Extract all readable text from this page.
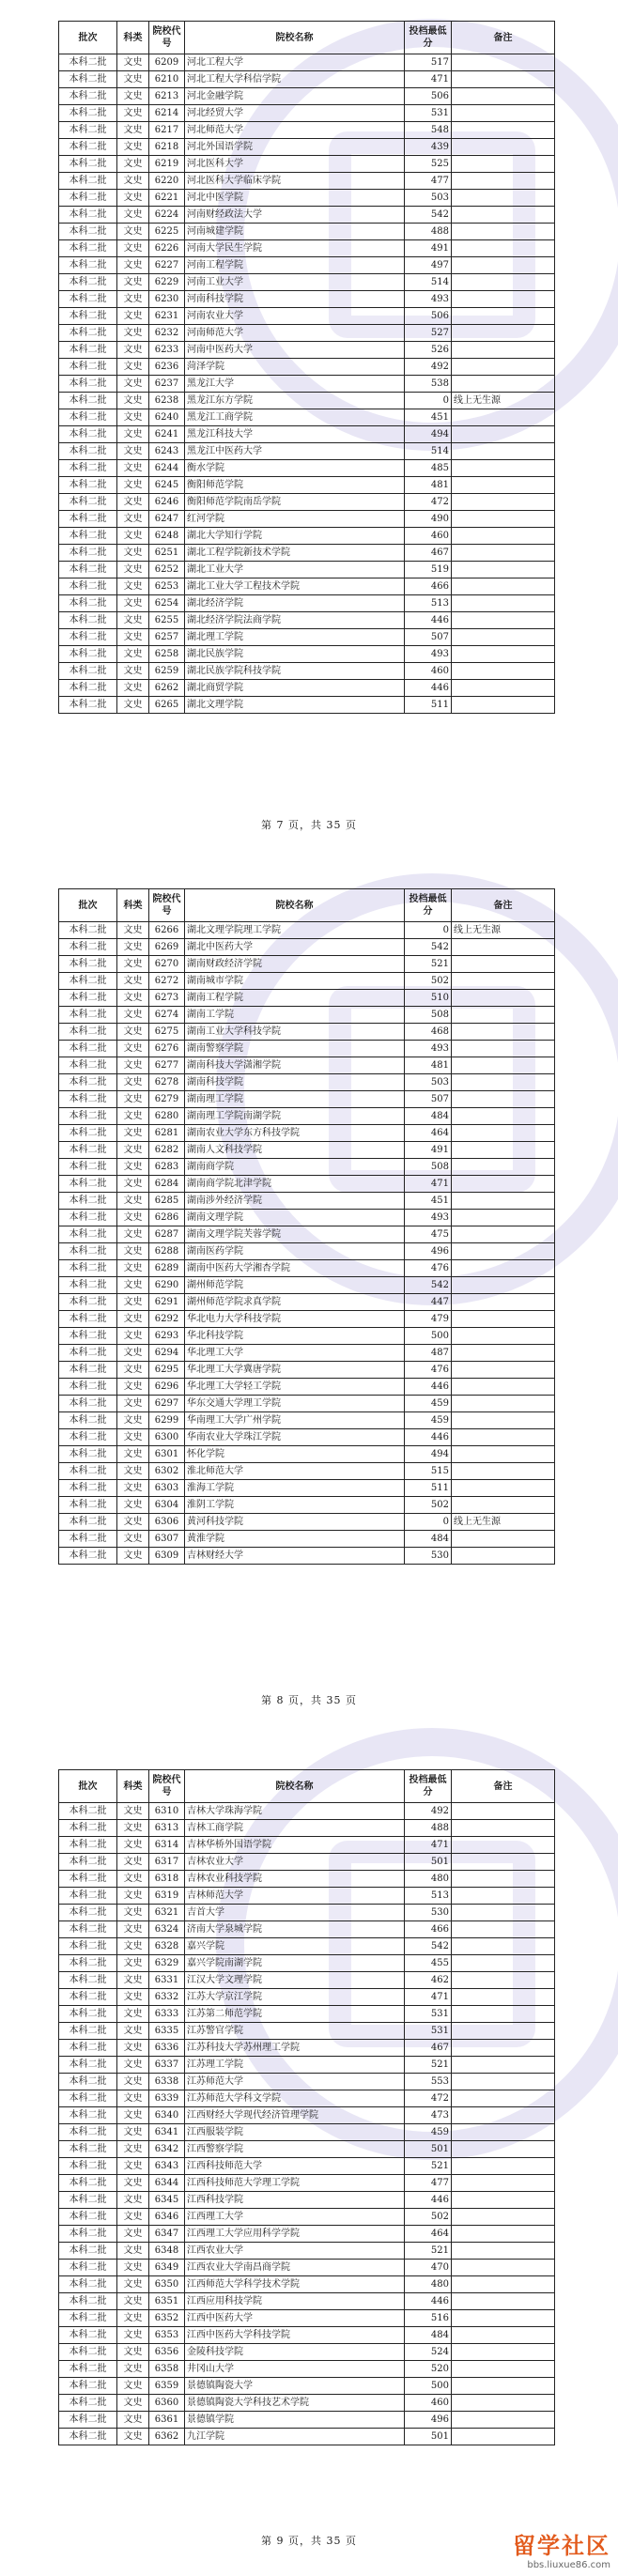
批次	科类	院校代号	院校名称	投档最低分	备注
本科二批	文史	6209	河北工程大学	517	
本科二批	文史	6210	河北工程大学科信学院	471	
本科二批	文史	6213	河北金融学院	506	
本科二批	文史	6214	河北经贸大学	531	
本科二批	文史	6217	河北师范大学	548	
本科二批	文史	6218	河北外国语学院	439	
本科二批	文史	6219	河北医科大学	525	
本科二批	文史	6220	河北医科大学临床学院	477	
本科二批	文史	6221	河北中医学院	503	
本科二批	文史	6224	河南财经政法大学	542	
本科二批	文史	6225	河南城建学院	488	
本科二批	文史	6226	河南大学民生学院	491	
本科二批	文史	6227	河南工程学院	497	
本科二批	文史	6229	河南工业大学	514	
本科二批	文史	6230	河南科技学院	493	
本科二批	文史	6231	河南农业大学	506	
本科二批	文史	6232	河南师范大学	527	
本科二批	文史	6233	河南中医药大学	526	
本科二批	文史	6236	菏泽学院	492	
本科二批	文史	6237	黑龙江大学	538	
本科二批	文史	6238	黑龙江东方学院	0	线上无生源
本科二批	文史	6240	黑龙江工商学院	451	
本科二批	文史	6241	黑龙江科技大学	494	
本科二批	文史	6243	黑龙江中医药大学	514	
本科二批	文史	6244	衡水学院	485	
本科二批	文史	6245	衡阳师范学院	481	
本科二批	文史	6246	衡阳师范学院南岳学院	472	
本科二批	文史	6247	红河学院	490	
本科二批	文史	6248	湖北大学知行学院	460	
本科二批	文史	6251	湖北工程学院新技术学院	467	
本科二批	文史	6252	湖北工业大学	519	
本科二批	文史	6253	湖北工业大学工程技术学院	466	
本科二批	文史	6254	湖北经济学院	513	
本科二批	文史	6255	湖北经济学院法商学院	446	
本科二批	文史	6257	湖北理工学院	507	
本科二批	文史	6258	湖北民族学院	493	
本科二批	文史	6259	湖北民族学院科技学院	460	
本科二批	文史	6262	湖北商贸学院	446	
本科二批	文史	6265	湖北文理学院	511	
第 7 页，共 35 页
批次	科类	院校代号	院校名称	投档最低分	备注
本科二批	文史	6266	湖北文理学院理工学院	0	线上无生源
本科二批	文史	6269	湖北中医药大学	542	
本科二批	文史	6270	湖南财政经济学院	521	
本科二批	文史	6272	湖南城市学院	502	
本科二批	文史	6273	湖南工程学院	510	
本科二批	文史	6274	湖南工学院	508	
本科二批	文史	6275	湖南工业大学科技学院	468	
本科二批	文史	6276	湖南警察学院	493	
本科二批	文史	6277	湖南科技大学潇湘学院	481	
本科二批	文史	6278	湖南科技学院	503	
本科二批	文史	6279	湖南理工学院	507	
本科二批	文史	6280	湖南理工学院南湖学院	484	
本科二批	文史	6281	湖南农业大学东方科技学院	464	
本科二批	文史	6282	湖南人文科技学院	491	
本科二批	文史	6283	湖南商学院	508	
本科二批	文史	6284	湖南商学院北津学院	471	
本科二批	文史	6285	湖南涉外经济学院	451	
本科二批	文史	6286	湖南文理学院	493	
本科二批	文史	6287	湖南文理学院芙蓉学院	475	
本科二批	文史	6288	湖南医药学院	496	
本科二批	文史	6289	湖南中医药大学湘杏学院	476	
本科二批	文史	6290	湖州师范学院	542	
本科二批	文史	6291	湖州师范学院求真学院	447	
本科二批	文史	6292	华北电力大学科技学院	479	
本科二批	文史	6293	华北科技学院	500	
本科二批	文史	6294	华北理工大学	487	
本科二批	文史	6295	华北理工大学冀唐学院	476	
本科二批	文史	6296	华北理工大学轻工学院	446	
本科二批	文史	6297	华东交通大学理工学院	459	
本科二批	文史	6299	华南理工大学广州学院	459	
本科二批	文史	6300	华南农业大学珠江学院	446	
本科二批	文史	6301	怀化学院	494	
本科二批	文史	6302	淮北师范大学	515	
本科二批	文史	6303	淮海工学院	511	
本科二批	文史	6304	淮阴工学院	502	
本科二批	文史	6306	黄河科技学院	0	线上无生源
本科二批	文史	6307	黄淮学院	484	
本科二批	文史	6309	吉林财经大学	530	
第 8 页，共 35 页
批次	科类	院校代号	院校名称	投档最低分	备注
本科二批	文史	6310	吉林大学珠海学院	492	
本科二批	文史	6313	吉林工商学院	488	
本科二批	文史	6314	吉林华桥外国语学院	471	
本科二批	文史	6317	吉林农业大学	501	
本科二批	文史	6318	吉林农业科技学院	480	
本科二批	文史	6319	吉林师范大学	513	
本科二批	文史	6321	吉首大学	530	
本科二批	文史	6324	济南大学泉城学院	466	
本科二批	文史	6328	嘉兴学院	542	
本科二批	文史	6329	嘉兴学院南湖学院	455	
本科二批	文史	6331	江汉大学文理学院	462	
本科二批	文史	6332	江苏大学京江学院	471	
本科二批	文史	6333	江苏第二师范学院	531	
本科二批	文史	6335	江苏警官学院	531	
本科二批	文史	6336	江苏科技大学苏州理工学院	467	
本科二批	文史	6337	江苏理工学院	521	
本科二批	文史	6338	江苏师范大学	553	
本科二批	文史	6339	江苏师范大学科文学院	472	
本科二批	文史	6340	江西财经大学现代经济管理学院	473	
本科二批	文史	6341	江西服装学院	459	
本科二批	文史	6342	江西警察学院	501	
本科二批	文史	6343	江西科技师范大学	521	
本科二批	文史	6344	江西科技师范大学理工学院	477	
本科二批	文史	6345	江西科技学院	446	
本科二批	文史	6346	江西理工大学	502	
本科二批	文史	6347	江西理工大学应用科学学院	464	
本科二批	文史	6348	江西农业大学	521	
本科二批	文史	6349	江西农业大学南昌商学院	470	
本科二批	文史	6350	江西师范大学科学技术学院	480	
本科二批	文史	6351	江西应用科技学院	446	
本科二批	文史	6352	江西中医药大学	516	
本科二批	文史	6353	江西中医药大学科技学院	484	
本科二批	文史	6356	金陵科技学院	524	
本科二批	文史	6358	井冈山大学	520	
本科二批	文史	6359	景德镇陶瓷大学	500	
本科二批	文史	6360	景德镇陶瓷大学科技艺术学院	460	
本科二批	文史	6361	景德镇学院	496	
本科二批	文史	6362	九江学院	501	
第 9 页，共 35 页	留学社区
bbs.liuxue86.com
